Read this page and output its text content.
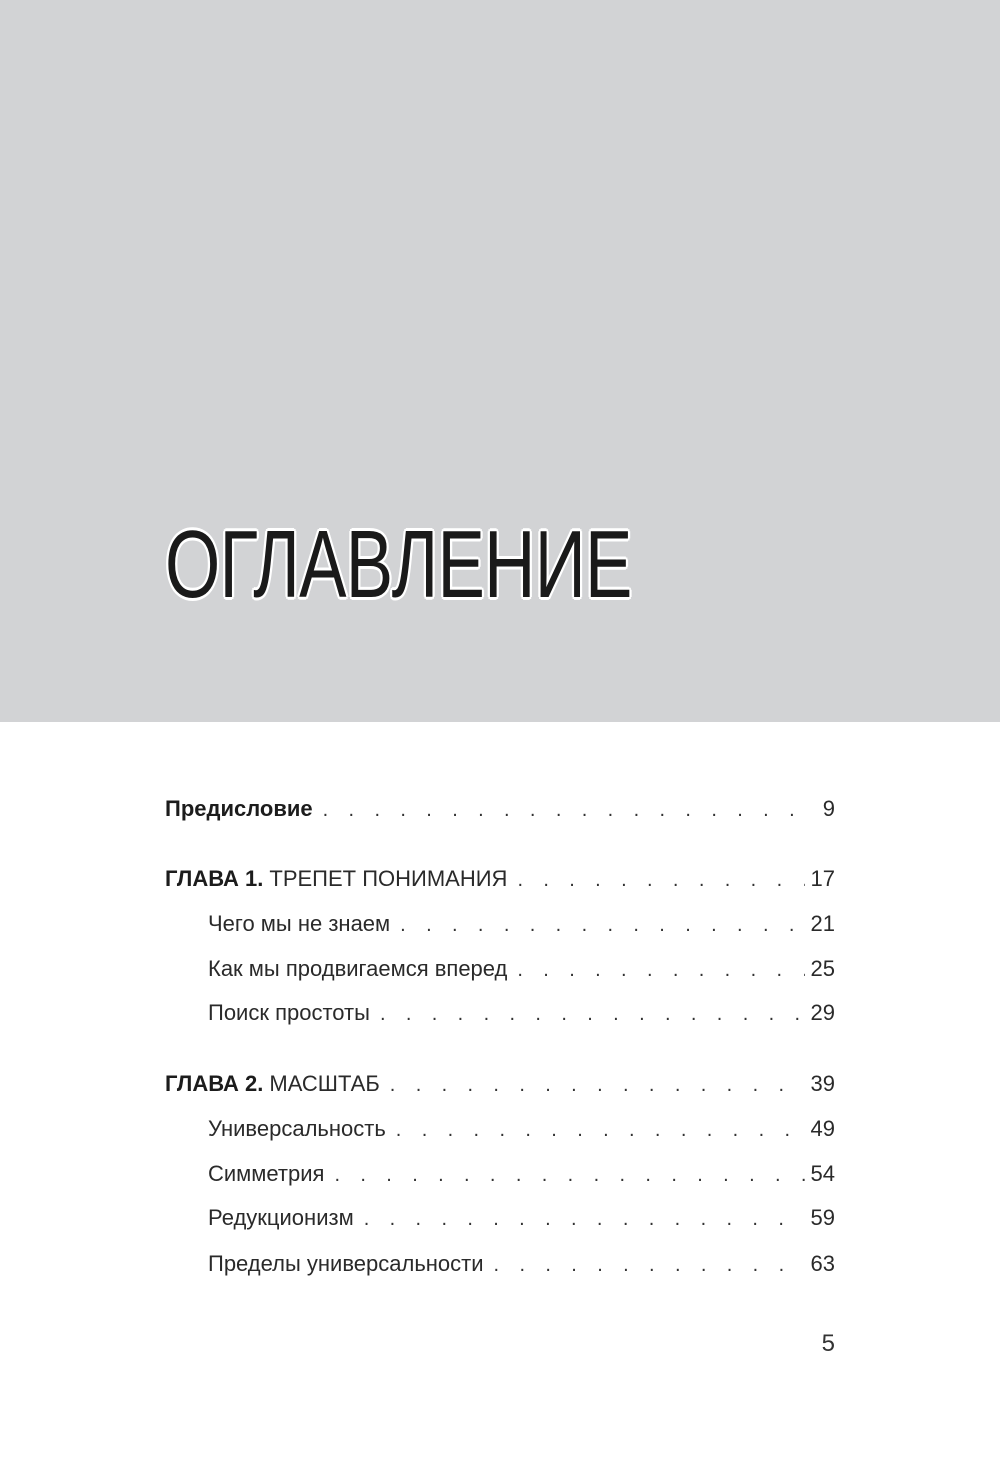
ОГЛАВЛЕНИЕ
Предисловие . . .	9
ГЛАВА 1. ТРЕПЕТ ПОНИМАНИЯ . . .	17
Чего мы не знаем . . .	21
Как мы продвигаемся вперед . . .	25
Поиск простоты . . .	29
ГЛАВА 2. МАСШТАБ . . .	39
Универсальность . . .	49
Симметрия . . .	54
Редукционизм . . .	59
Пределы универсальности . . .	63
5
